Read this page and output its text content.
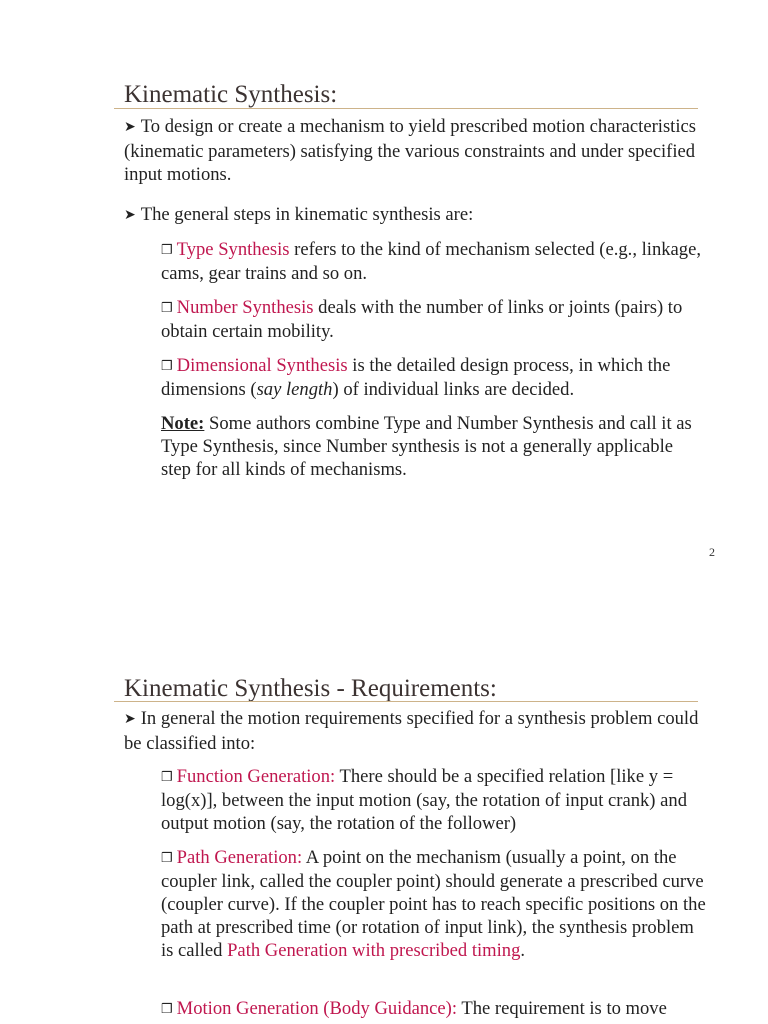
Kinematic Synthesis:
➤ To design or create a mechanism to yield prescribed motion characteristics (kinematic parameters) satisfying the various constraints and under specified input motions.
➤ The general steps in kinematic synthesis are:
❒ Type Synthesis refers to the kind of mechanism selected (e.g., linkage, cams, gear trains and so on.
❒ Number Synthesis deals with the number of links or joints (pairs) to obtain certain mobility.
❒ Dimensional Synthesis is the detailed design process, in which the dimensions (say length) of individual links are decided.
Note: Some authors combine Type and Number Synthesis and call it as Type Synthesis, since Number synthesis is not a generally applicable step for all kinds of mechanisms.
2
Kinematic Synthesis - Requirements:
➤ In general the motion requirements specified for a synthesis problem could be classified into:
❒ Function Generation: There should be a specified relation [like y = log(x)], between the input motion (say, the rotation of input crank) and output motion (say, the rotation of the follower)
❒ Path Generation: A point on the mechanism (usually a point, on the coupler link, called the coupler point) should generate a prescribed curve (coupler curve). If the coupler point has to reach specific positions on the path at prescribed time (or rotation of input link), the synthesis problem is called Path Generation with prescribed timing.
❒ Motion Generation (Body Guidance): The requirement is to move
